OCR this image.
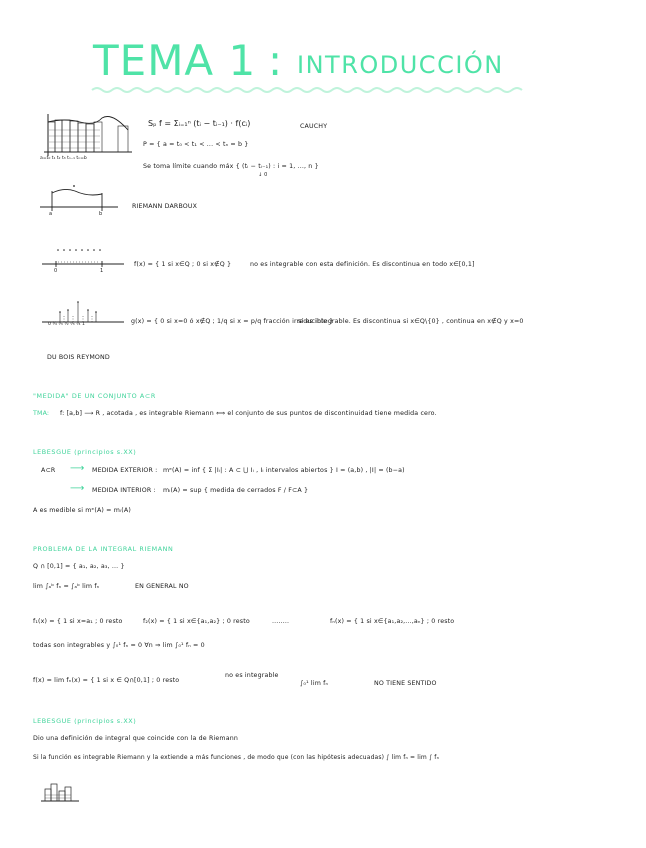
TEMA 1 : INTRODUCCIÓN
a=t₀ t₁ t₂ t₃ tₙ₋₁ tₙ=b
Sₚ f = Σᵢ₌₁ⁿ (tᵢ − tᵢ₋₁) · f(cᵢ)	CAUCHY
P = { a = t₀ < t₁ < ... < tₙ = b }
Se toma límite cuando máx { (tᵢ − tᵢ₋₁) : i = 1, ..., n }
↓ 0
a	b
RIEMANN DARBOUX
0	1
f(x) = { 1 si x∈Q ; 0 si x∉Q }	no es integrable con esta definición. Es discontinua en todo x∈[0,1]
0 ¼ ⅓ ½ ⅔ ¾ 1	g(x) = { 0 si x=0 ó x∉Q ; 1/q si x = p/q fracción irreducible }
sí es integrable. Es discontinua si x∈Q\{0} , continua en x∉Q y x=0
DU BOIS REYMOND
"MEDIDA" DE UN CONJUNTO A⊂R
TMA: f: [a,b] ⟶ R , acotada , es integrable Riemann ⟺ el conjunto de sus puntos de discontinuidad tiene medida cero.
LEBESGUE (principios s.XX)
A⊂R ⟶ MEDIDA EXTERIOR : mᵉ(A) = inf { Σ |Iᵢ| : A ⊂ ⋃ Iᵢ , Iᵢ intervalos abiertos } I = (a,b) , |I| = (b−a)
⟶ MEDIDA INTERIOR : mᵢ(A) = sup { medida de cerrados F / F⊂A }
A es medible si mᵉ(A) = mᵢ(A)
PROBLEMA DE LA INTEGRAL RIEMANN
Q ∩ [0,1] = { a₁, a₂, a₃, ... }
lim ∫ₐᵇ fₙ = ∫ₐᵇ lim fₙ	EN GENERAL NO
f₁(x) = { 1 si x=a₁ ; 0 resto	f₂(x) = { 1 si x∈{a₁,a₂} ; 0 resto	........	fₙ(x) = { 1 si x∈{a₁,a₂,...,aₙ} ; 0 resto
todas son integrables y ∫₀¹ fₙ = 0 ∀n ⇒ lim ∫₀¹ fₙ = 0
f(x) = lim fₙ(x) = { 1 si x ∈ Q∩[0,1] ; 0 resto
no es integrable
∫₀¹ lim fₙ	NO TIENE SENTIDO
LEBESGUE (principios s.XX)
Dio una definición de integral que coincide con la de Riemann
Si la función es integrable Riemann y la extiende a más funciones , de modo que (con las hipótesis adecuadas) ∫ lim fₙ = lim ∫ fₙ
